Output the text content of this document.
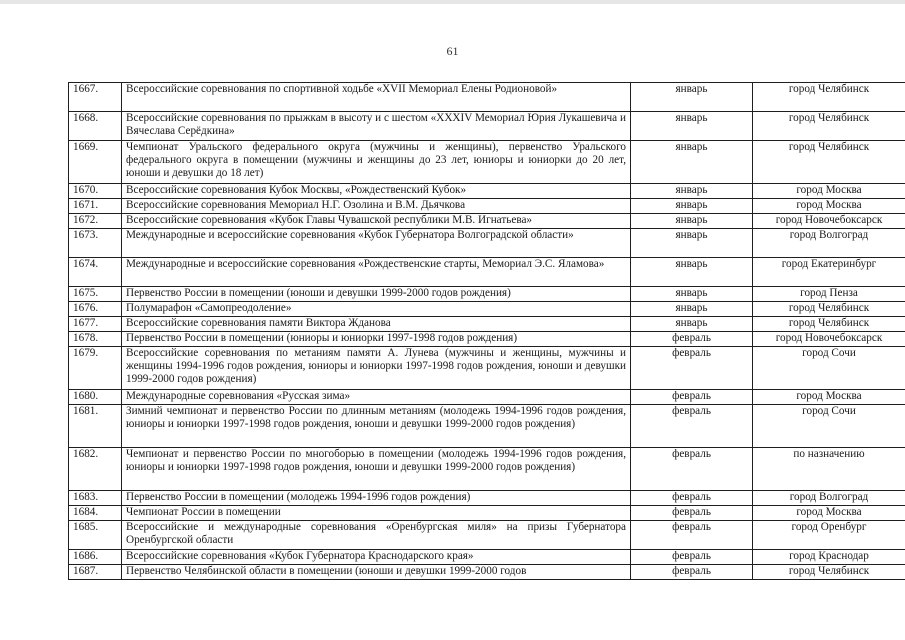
61
1667.	Всероссийские соревнования по спортивной ходьбе «XVII Мемориал Елены Родионовой»	январь	город Челябинск
1668.	Всероссийские соревнования по прыжкам в высоту и с шестом «XXXIV Мемориал Юрия Лукашевича и Вячеслава Серёдкина»	январь	город Челябинск
1669.	Чемпионат Уральского федерального округа (мужчины и женщины), первенство Уральского федерального округа в помещении (мужчины и женщины до 23 лет, юниоры и юниорки до 20 лет, юноши и девушки до 18 лет)	январь	город Челябинск
1670.	Всероссийские соревнования Кубок Москвы, «Рождественский Кубок»	январь	город Москва
1671.	Всероссийские соревнования Мемориал Н.Г. Озолина и В.М. Дьячкова	январь	город Москва
1672.	Всероссийские соревнования «Кубок Главы Чувашской республики М.В. Игнатьева»	январь	город Новочебоксарск
1673.	Международные и всероссийские соревнования «Кубок Губернатора Волгоградской области»	январь	город Волгоград
1674.	Международные и всероссийские соревнования «Рождественские старты, Мемориал Э.С. Яламова»	январь	город Екатеринбург
1675.	Первенство России в помещении (юноши и девушки 1999-2000 годов рождения)	январь	город Пенза
1676.	Полумарафон «Самопреодоление»	январь	город Челябинск
1677.	Всероссийские соревнования памяти Виктора Жданова	январь	город Челябинск
1678.	Первенство России в помещении (юниоры и юниорки 1997-1998 годов рождения)	февраль	город Новочебоксарск
1679.	Всероссийские соревнования по метаниям памяти А. Лунева (мужчины и женщины, мужчины и женщины 1994-1996 годов рождения, юниоры и юниорки 1997-1998 годов рождения, юноши и девушки 1999-2000 годов рождения)	февраль	город Сочи
1680.	Международные соревнования «Русская зима»	февраль	город Москва
1681.	Зимний чемпионат и первенство России по длинным метаниям (молодежь 1994-1996 годов рождения, юниоры и юниорки 1997-1998 годов рождения, юноши и девушки 1999-2000 годов рождения)	февраль	город Сочи
1682.	Чемпионат и первенство России по многоборью в помещении (молодежь 1994-1996 годов рождения, юниоры и юниорки 1997-1998 годов рождения, юноши и девушки 1999-2000 годов рождения)	февраль	по назначению
1683.	Первенство России в помещении (молодежь 1994-1996 годов рождения)	февраль	город Волгоград
1684.	Чемпионат России в помещении	февраль	город Москва
1685.	Всероссийские и международные соревнования «Оренбургская миля» на призы Губернатора Оренбургской области	февраль	город Оренбург
1686.	Всероссийские соревнования «Кубок Губернатора Краснодарского края»	февраль	город Краснодар
1687.	Первенство Челябинской области в помещении (юноши и девушки 1999-2000 годов	февраль	город Челябинск
